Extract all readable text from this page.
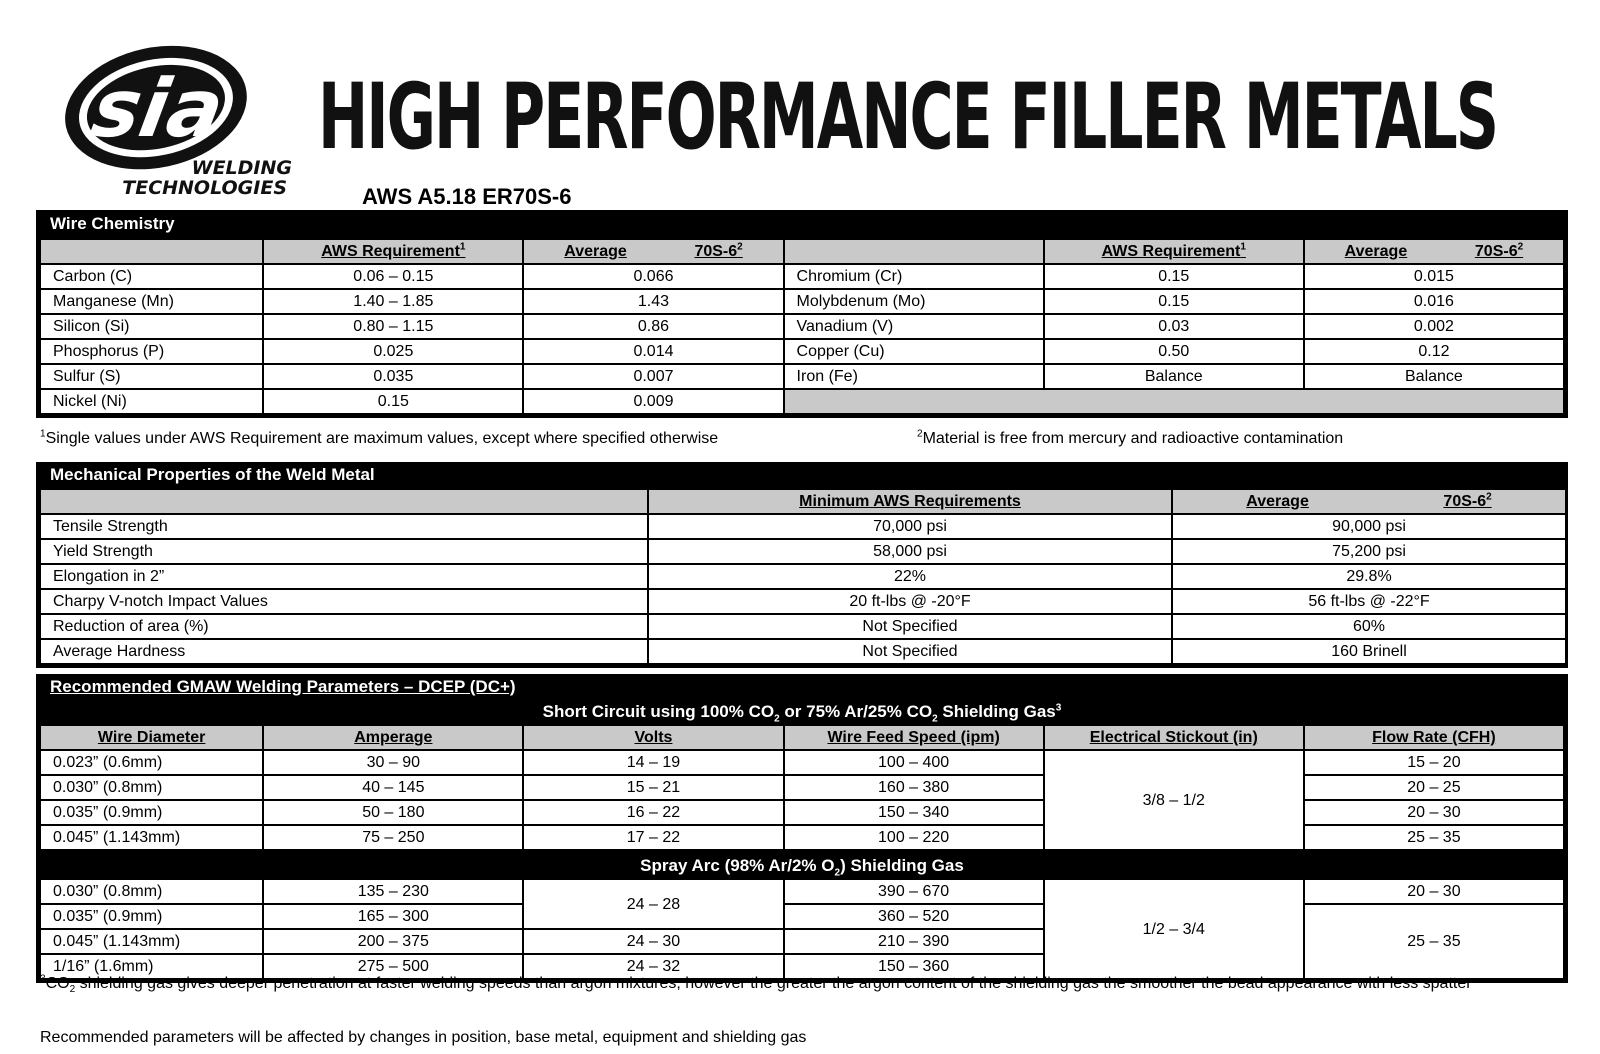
sia
WELDING
TECHNOLOGIES
HIGH PERFORMANCE FILLER METALS
AWS A5.18 ER70S-6
Wire Chemistry
	AWS Requirement$^1$	Average $70S-6^2$		AWS Requirement$^1$	Average $70S-6^2$

Carbon (C)	0.06 – 0.15	0.066	Chromium (Cr)	0.15	0.015
Manganese (Mn)	1.40 – 1.85	1.43	Molybdenum (Mo)	0.15	0.016
Silicon (Si)	0.80 – 1.15	0.86	Vanadium (V)	0.03	0.002
Phosphorus (P)	0.025	0.014	Copper (Cu)	0.50	0.12
Sulfur (S)	0.035	0.007	Iron (Fe)	Balance	Balance
Nickel (Ni)	0.15	0.009			
$^1$Single values under AWS Requirement are maximum values, except where specified otherwise	$^2$Material is free from mercury and radioactive contamination
Mechanical Properties of the Weld Metal
	Minimum AWS Requirements	Average $70S-6^2$

Tensile Strength	70,000 psi	90,000 psi
Yield Strength	58,000 psi	75,200 psi
Elongation in 2”	22%	29.8%
Charpy V-notch Impact Values	20 ft-lbs @ -20°F	56 ft-lbs @ -22°F
Reduction of area (%)	Not Specified	60%
Average Hardness	Not Specified	160 Brinell
Recommended GMAW Welding Parameters – DCEP (DC+)
Short Circuit using 100% $CO_2$ or 75% Ar/25% $CO_2$ Shielding Gas$^3$
Wire Diameter	Amperage	Volts	Wire Feed Speed (ipm)	Electrical Stickout (in)	Flow Rate (CFH)
0.023” (0.6mm)	30 – 90	14 – 19	100 – 400	3/8 – 1/2	15 – 20
0.030” (0.8mm)	40 – 145	15 – 21	160 – 380		20 – 25
0.035” (0.9mm)	50 – 180	16 – 22	150 – 340		20 – 30
0.045” (1.143mm)	75 – 250	17 – 22	100 – 220		25 – 35
Spray Arc (98% Ar/2% $O_2$) Shielding Gas
0.030” (0.8mm)	135 – 230	24 – 28	390 – 670	1/2 – 3/4	20 – 30
0.035” (0.9mm)	165 – 300		360 – 520		25 – 35
0.045” (1.143mm)	200 – 375	24 – 30	210 – 390		
1/16” (1.6mm)	275 – 500	24 – 32	150 – 360		
$^3CO_2$ shielding gas gives deeper penetration at faster welding speeds than argon mixtures, however the greater the argon content of the shielding gas the smoother the bead appearance with less spatter
Recommended parameters will be affected by changes in position, base metal, equipment and shielding gas
